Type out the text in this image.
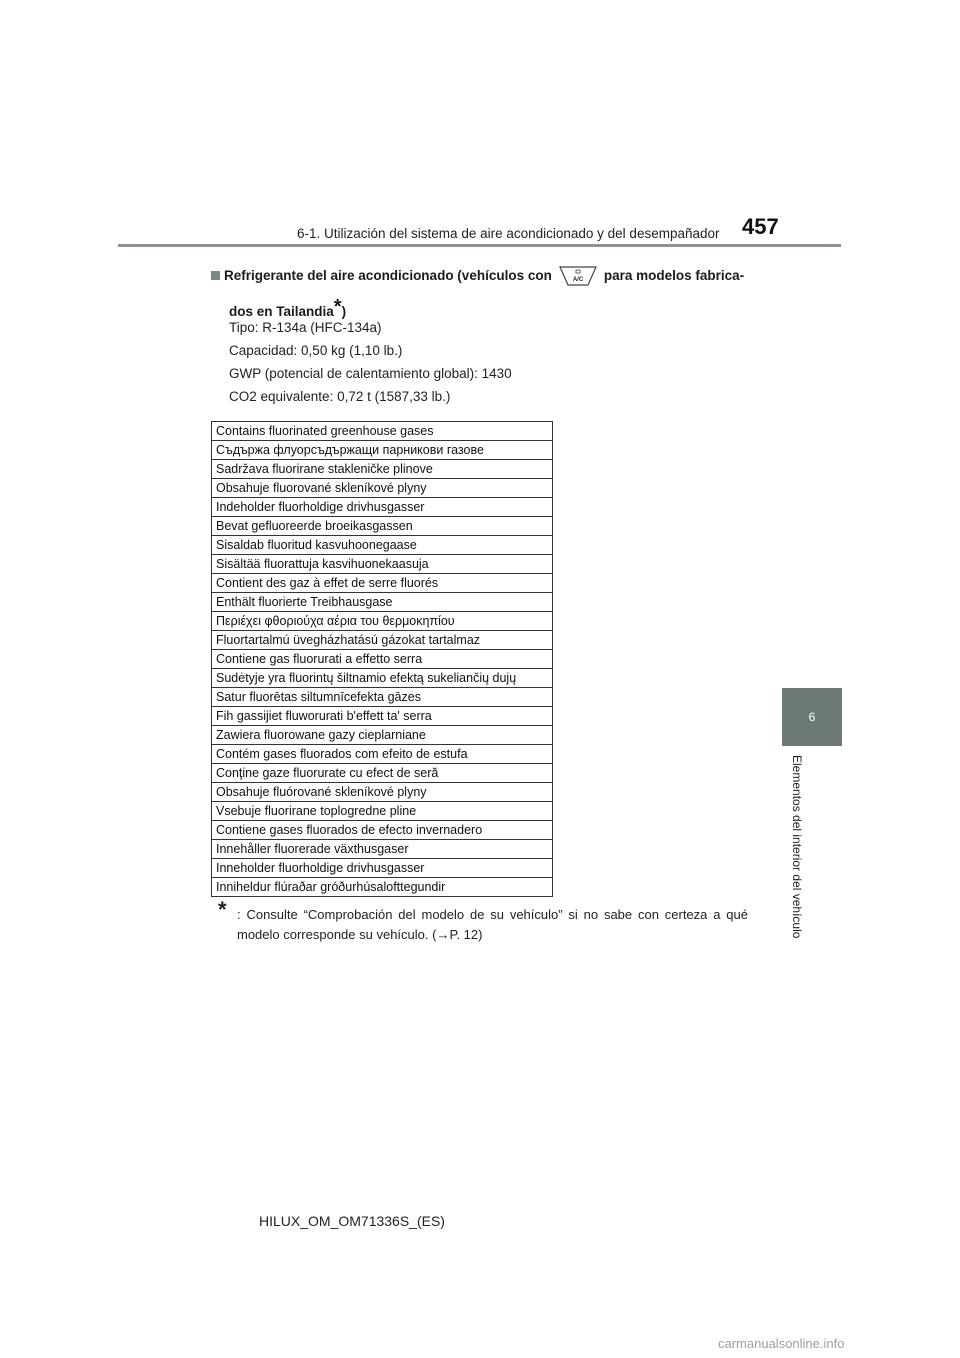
6-1. Utilización del sistema de aire acondicionado y del desempañador 457
6
Elementos del interior del vehículo
Refrigerante del aire acondicionado (vehículos con	A/C para modelos fabrica-
dos en Tailandia*)
Tipo: R-134a (HFC-134a)
Capacidad: 0,50 kg (1,10 lb.)
GWP (potencial de calentamiento global): 1430
CO2 equivalente: 0,72 t (1587,33 lb.)
Contains fluorinated greenhouse gases
Съдържа флуорсъдържащи парникови газове
Sadržava fluorirane stakleničke plinove
Obsahuje fluorované skleníkové plyny
Indeholder fluorholdige drivhusgasser
Bevat gefluoreerde broeikasgassen
Sisaldab fluoritud kasvuhoonegaase
Sisältää fluorattuja kasvihuonekaasuja
Contient des gaz à effet de serre fluorés
Enthält fluorierte Treibhausgase
Περιέχει φθοριούχα αέρια του θερμοκηπίου
Fluortartalmú üvegházhatású gázokat tartalmaz
Contiene gas fluorurati a effetto serra
Sudėtyje yra fluorintų šiltnamio efektą sukeliančių dujų
Satur fluorētas siltumnīcefekta gāzes
Fih gassijiet fluworurati b'effett ta' serra
Zawiera fluorowane gazy cieplarniane
Contém gases fluorados com efeito de estufa
Conţine gaze fluorurate cu efect de seră
Obsahuje fluórované skleníkové plyny
Vsebuje fluorirane toplogredne pline
Contiene gases fluorados de efecto invernadero
Innehåller fluorerade växthusgaser
Inneholder fluorholdige drivhusgasser
Inniheldur flúraðar gróðurhúsalofttegundir
* : Consulte “Comprobación del modelo de su vehículo” si no sabe con certeza a qué modelo corresponde su vehículo. (→P. 12)
HILUX_OM_OM71336S_(ES)
carmanualsonline.info
